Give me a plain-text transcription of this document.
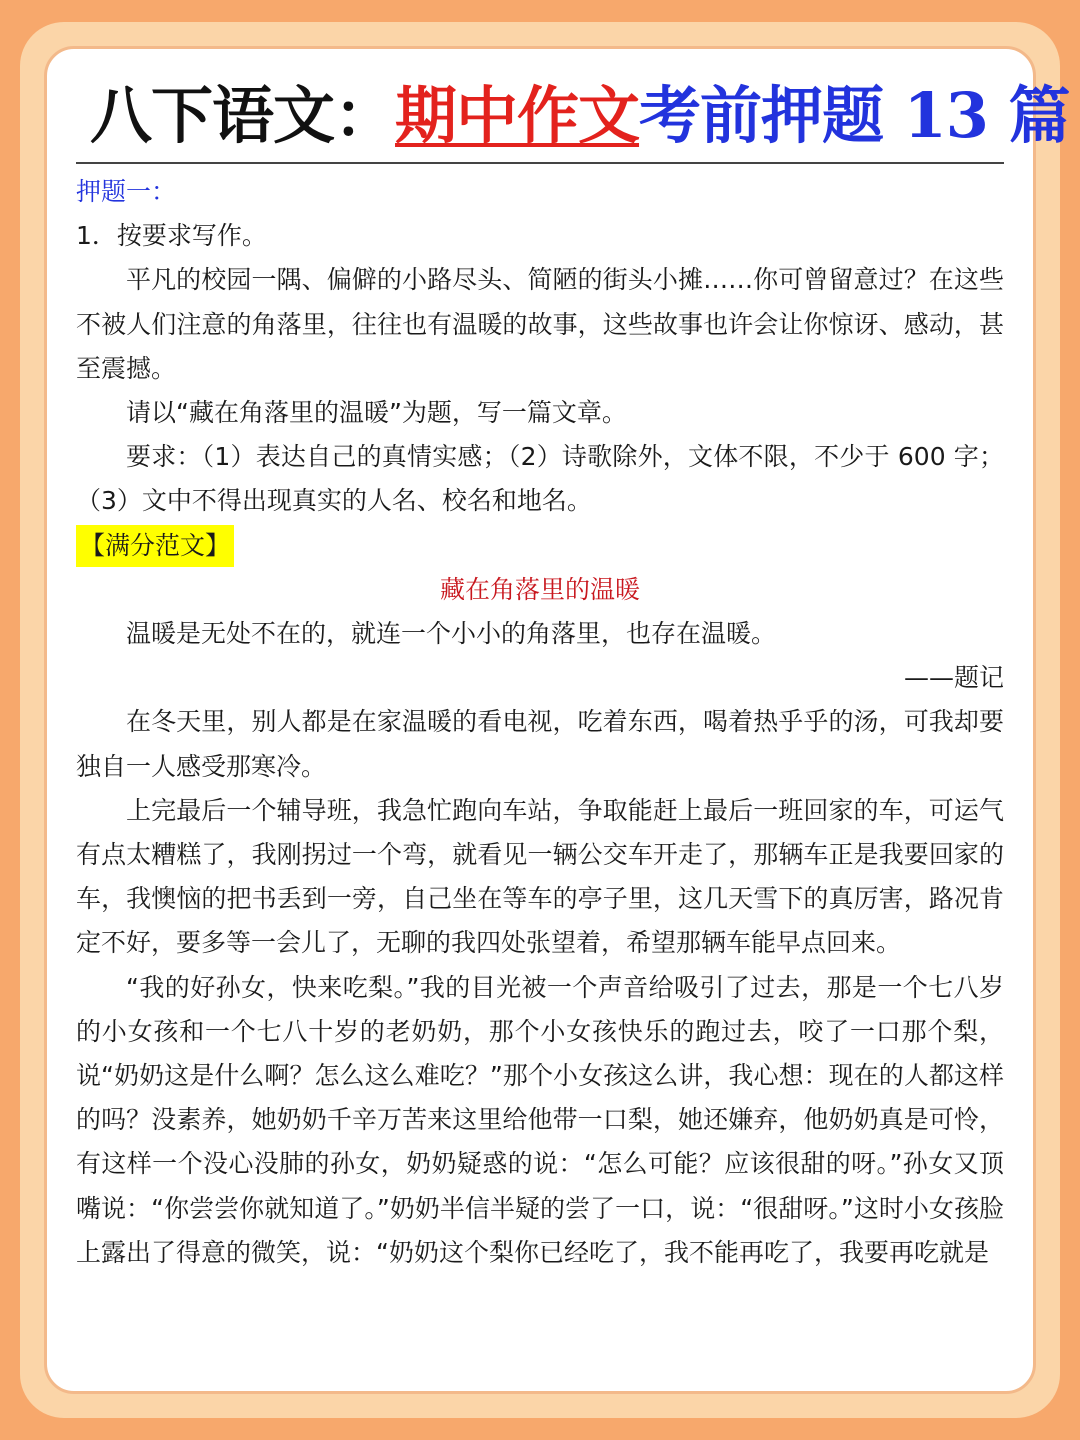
八下语文：期中作文考前押题 13 篇

押题一：

1．按要求写作。

平凡的校园一隅、偏僻的小路尽头、简陋的街头小摊……你可曾留意过？在这些不被人们注意的角落里，往往也有温暖的故事，这些故事也许会让你惊讶、感动，甚至震撼。

请以“藏在角落里的温暖”为题，写一篇文章。

要求：（1）表达自己的真情实感；（2）诗歌除外，文体不限，不少于 600 字；（3）文中不得出现真实的人名、校名和地名。

【满分范文】

藏在角落里的温暖

温暖是无处不在的，就连一个小小的角落里，也存在温暖。

——题记

在冬天里，别人都是在家温暖的看电视，吃着东西，喝着热乎乎的汤，可我却要独自一人感受那寒冷。

上完最后一个辅导班，我急忙跑向车站，争取能赶上最后一班回家的车，可运气有点太糟糕了，我刚拐过一个弯，就看见一辆公交车开走了，那辆车正是我要回家的车，我懊恼的把书丢到一旁，自己坐在等车的亭子里，这几天雪下的真厉害，路况肯定不好，要多等一会儿了，无聊的我四处张望着，希望那辆车能早点回来。

“我的好孙女，快来吃梨。”我的目光被一个声音给吸引了过去，那是一个七八岁的小女孩和一个七八十岁的老奶奶，那个小女孩快乐的跑过去，咬了一口那个梨，说“奶奶这是什么啊？怎么这么难吃？”那个小女孩这么讲，我心想：现在的人都这样的吗？没素养，她奶奶千辛万苦来这里给他带一口梨，她还嫌弃，他奶奶真是可怜，有这样一个没心没肺的孙女，奶奶疑惑的说：“怎么可能？应该很甜的呀。”孙女又顶嘴说：“你尝尝你就知道了。”奶奶半信半疑的尝了一口，说：“很甜呀。”这时小女孩脸上露出了得意的微笑，说：“奶奶这个梨你已经吃了，我不能再吃了，我要再吃就是
